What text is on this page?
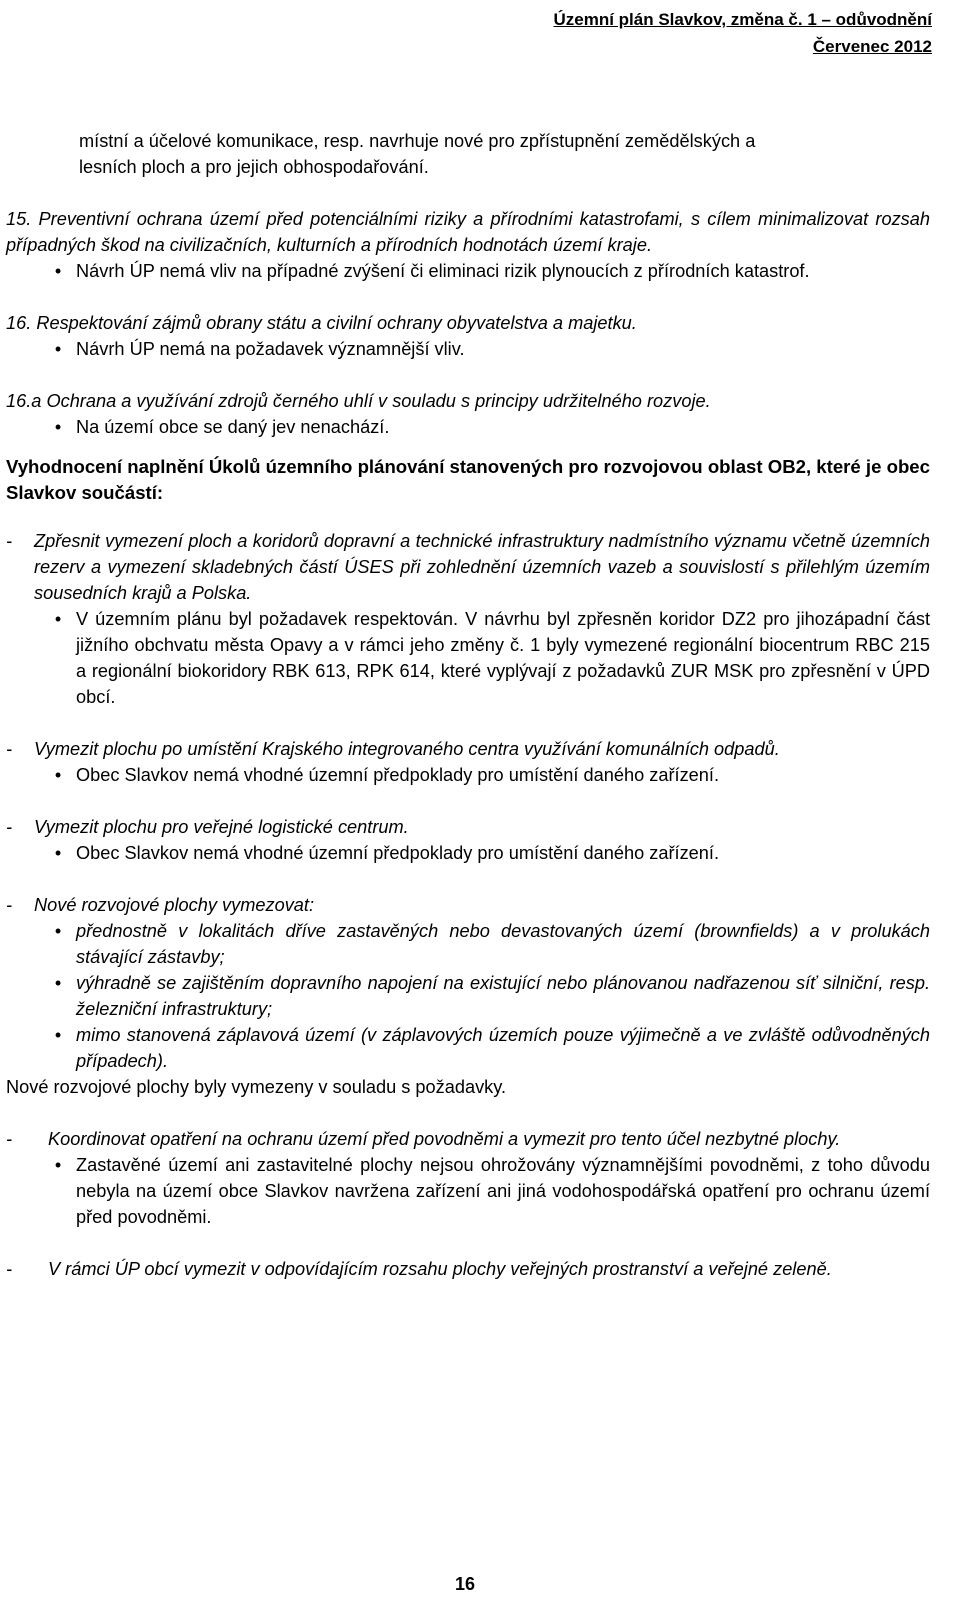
Územní plán Slavkov, změna č. 1 – odůvodnění
Červenec 2012

místní a účelové komunikace, resp. navrhuje nové pro zpřístupnění zemědělských a

lesních ploch a pro jejich obhospodařování.

15. Preventivní ochrana území před potenciálními riziky a přírodními katastrofami, s cílem minimalizovat rozsah případných škod na civilizačních, kulturních a přírodních hodnotách území kraje.

• Návrh ÚP nemá vliv na případné zvýšení či eliminaci rizik plynoucích z přírodních katastrof.

16. Respektování zájmů obrany státu a civilní ochrany obyvatelstva a majetku.

• Návrh ÚP nemá na požadavek významnější vliv.

16.a Ochrana a využívání zdrojů černého uhlí v souladu s principy udržitelného rozvoje.

• Na území obce se daný jev nenachází.

Vyhodnocení naplnění Úkolů územního plánování stanovených pro rozvojovou oblast OB2, které je obec Slavkov součástí:

- Zpřesnit vymezení ploch a koridorů dopravní a technické infrastruktury nadmístního významu včetně územních rezerv a vymezení skladebných částí ÚSES při zohlednění územních vazeb a souvislostí s přilehlým územím sousedních krajů a Polska.

• V územním plánu byl požadavek respektován. V návrhu byl zpřesněn koridor DZ2 pro jihozápadní část jižního obchvatu města Opavy a v rámci jeho změny č. 1 byly vymezené regionální biocentrum RBC 215 a regionální biokoridory RBK 613, RPK 614, které vyplývají z požadavků ZUR MSK pro zpřesnění v ÚPD obcí.

- Vymezit plochu po umístění Krajského integrovaného centra využívání komunálních odpadů.

• Obec Slavkov nemá vhodné územní předpoklady pro umístění daného zařízení.

- Vymezit plochu pro veřejné logistické centrum.

• Obec Slavkov nemá vhodné územní předpoklady pro umístění daného zařízení.

- Nové rozvojové plochy vymezovat:

• přednostně v lokalitách dříve zastavěných nebo devastovaných území (brownfields) a v prolukách stávající zástavby;

• výhradně se zajištěním dopravního napojení na existující nebo plánovanou nadřazenou síť silniční, resp. železniční infrastruktury;

• mimo stanovená záplavová území (v záplavových územích pouze výjimečně a ve zvláště odůvodněných případech).

Nové rozvojové plochy byly vymezeny v souladu s požadavky.

- Koordinovat opatření na ochranu území před povodněmi a vymezit pro tento účel nezbytné plochy.

• Zastavěné území ani zastavitelné plochy nejsou ohrožovány významnějšími povodněmi, z toho důvodu nebyla na území obce Slavkov navržena zařízení ani jiná vodohospodářská opatření pro ochranu území před povodněmi.

- V rámci ÚP obcí vymezit v odpovídajícím rozsahu plochy veřejných prostranství a veřejné zeleně.

16
